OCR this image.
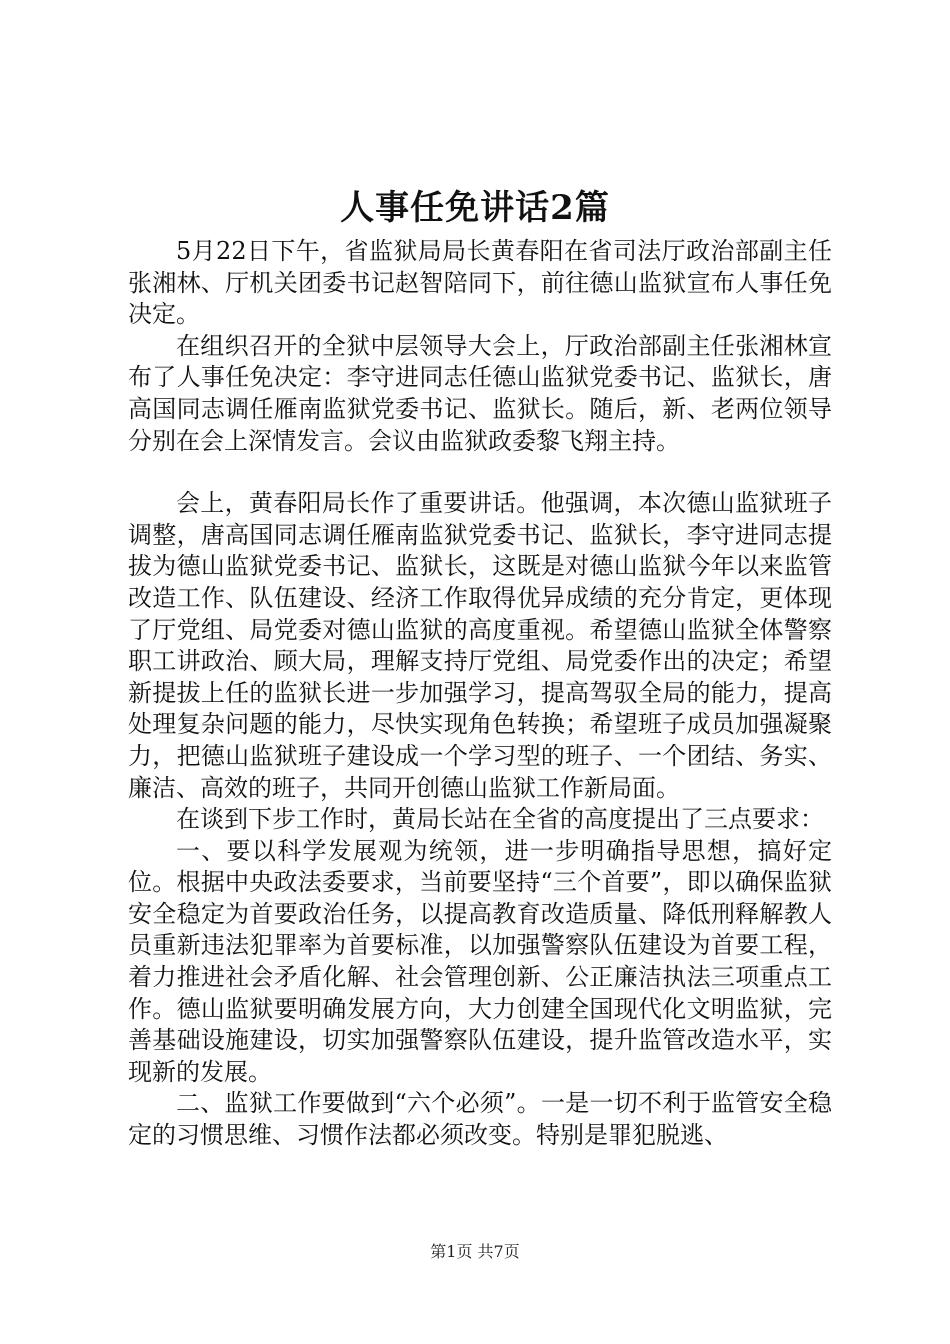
人事任免讲话2篇

5月22日下午，省监狱局局长黄春阳在省司法厅政治部副主任张湘林、厅机关团委书记赵智陪同下，前往德山监狱宣布人事任免决定。

在组织召开的全狱中层领导大会上，厅政治部副主任张湘林宣布了人事任免决定：李守进同志任德山监狱党委书记、监狱长，唐高国同志调任雁南监狱党委书记、监狱长。随后，新、老两位领导分别在会上深情发言。会议由监狱政委黎飞翔主持。

会上，黄春阳局长作了重要讲话。他强调，本次德山监狱班子调整，唐高国同志调任雁南监狱党委书记、监狱长，李守进同志提拔为德山监狱党委书记、监狱长，这既是对德山监狱今年以来监管改造工作、队伍建设、经济工作取得优异成绩的充分肯定，更体现了厅党组、局党委对德山监狱的高度重视。希望德山监狱全体警察职工讲政治、顾大局，理解支持厅党组、局党委作出的决定；希望新提拔上任的监狱长进一步加强学习，提高驾驭全局的能力，提高处理复杂问题的能力，尽快实现角色转换；希望班子成员加强凝聚力，把德山监狱班子建设成一个学习型的班子、一个团结、务实、廉洁、高效的班子，共同开创德山监狱工作新局面。

在谈到下步工作时，黄局长站在全省的高度提出了三点要求：

一、要以科学发展观为统领，进一步明确指导思想，搞好定位。根据中央政法委要求，当前要坚持“三个首要”，即以确保监狱安全稳定为首要政治任务，以提高教育改造质量、降低刑释解教人员重新违法犯罪率为首要标准，以加强警察队伍建设为首要工程，着力推进社会矛盾化解、社会管理创新、公正廉洁执法三项重点工作。德山监狱要明确发展方向，大力创建全国现代化文明监狱，完善基础设施建设，切实加强警察队伍建设，提升监管改造水平，实现新的发展。

二、监狱工作要做到“六个必须”。一是一切不利于监管安全稳定的习惯思维、习惯作法都必须改变。特别是罪犯脱逃、

第1页 共7页
